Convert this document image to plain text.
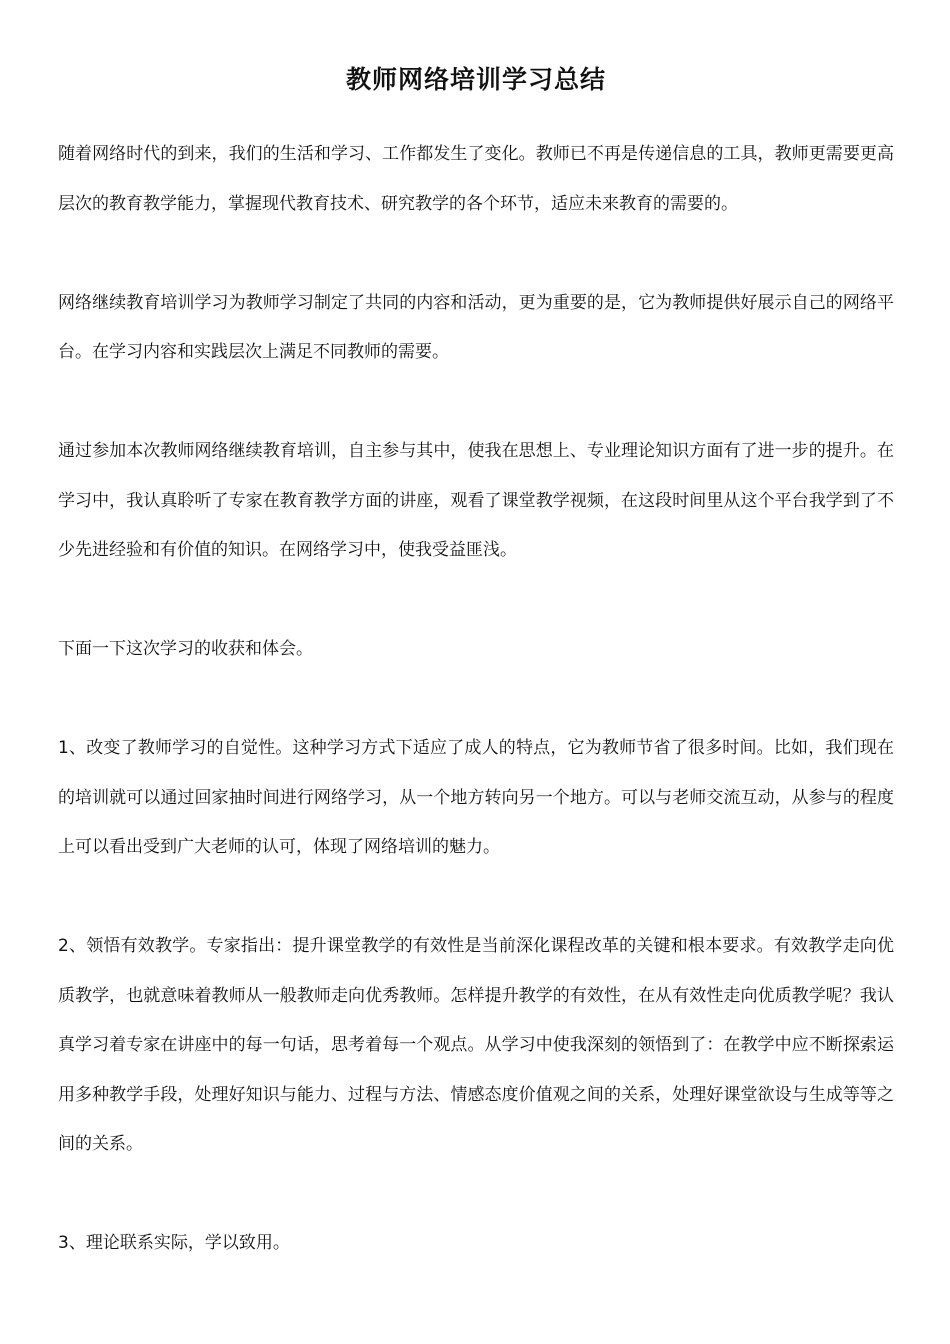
教师网络培训学习总结

随着网络时代的到来，我们的生活和学习、工作都发生了变化。教师已不再是传递信息的工具，教师更需要更高层次的教育教学能力，掌握现代教育技术、研究教学的各个环节，适应未来教育的需要的。

网络继续教育培训学习为教师学习制定了共同的内容和活动，更为重要的是，它为教师提供好展示自己的网络平台。在学习内容和实践层次上满足不同教师的需要。

通过参加本次教师网络继续教育培训，自主参与其中，使我在思想上、专业理论知识方面有了进一步的提升。在学习中，我认真聆听了专家在教育教学方面的讲座，观看了课堂教学视频，在这段时间里从这个平台我学到了不少先进经验和有价值的知识。在网络学习中，使我受益匪浅。

下面一下这次学习的收获和体会。

1、改变了教师学习的自觉性。这种学习方式下适应了成人的特点，它为教师节省了很多时间。比如，我们现在的培训就可以通过回家抽时间进行网络学习，从一个地方转向另一个地方。可以与老师交流互动，从参与的程度上可以看出受到广大老师的认可，体现了网络培训的魅力。

2、领悟有效教学。专家指出：提升课堂教学的有效性是当前深化课程改革的关键和根本要求。有效教学走向优质教学，也就意味着教师从一般教师走向优秀教师。怎样提升教学的有效性，在从有效性走向优质教学呢？我认真学习着专家在讲座中的每一句话，思考着每一个观点。从学习中使我深刻的领悟到了：在教学中应不断探索运用多种教学手段，处理好知识与能力、过程与方法、情感态度价值观之间的关系，处理好课堂欲设与生成等等之间的关系。

3、理论联系实际，学以致用。
